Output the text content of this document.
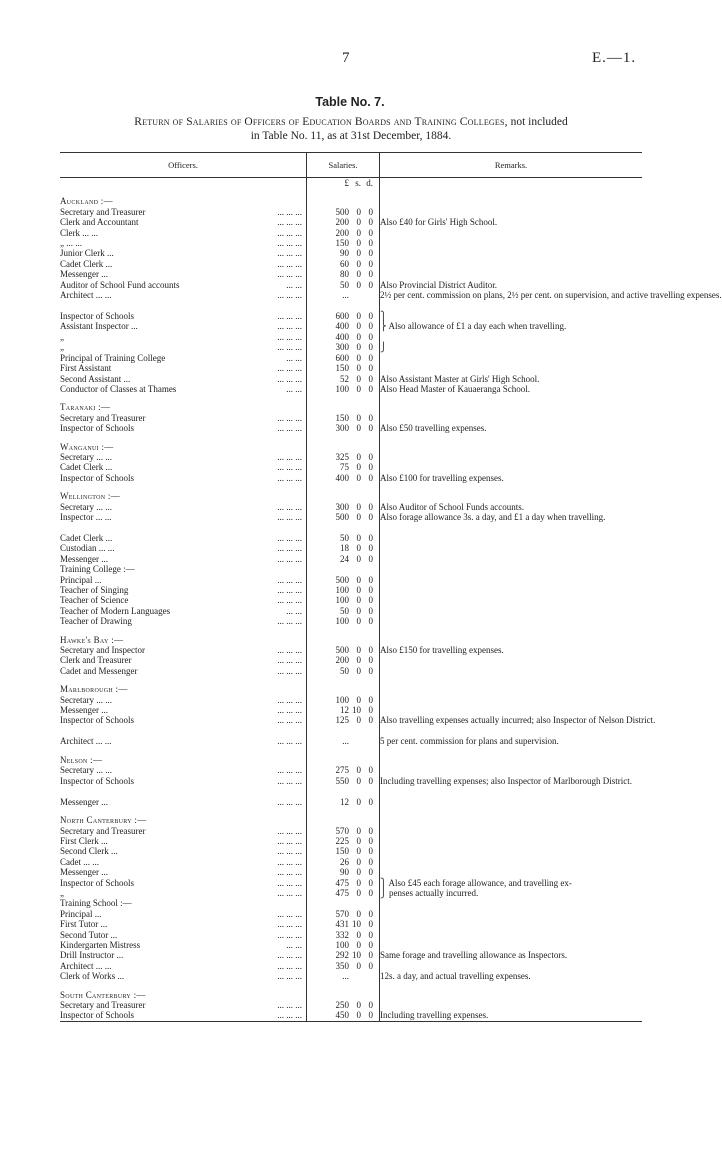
7	E.—1.
Table No. 7.
Return of Salaries of Officers of Education Boards and Training Colleges, not included
in Table No. 11, as at 31st December, 1884.
Officers.	Salaries.	Remarks.

	£ s. d.	

Auckland :—		
Secretary and Treasurer ... ... ...	500 0 0	

Clerk and Accountant ... ... ...	200 0 0	Also £40 for Girls' High School.
Clerk ... ... ... ... ...	200 0 0	

„ ... ... ... ... ...	150 0 0	

Junior Clerk ... ... ... ...	90 0 0	

Cadet Clerk ... ... ... ...	60 0 0	

Messenger ... ... ... ...	80 0 0	

Auditor of School Fund accounts ... ...	50 0 0	Also Provincial District Auditor.
Architect ... ... ... ... ...	...	2½ per cent. commission on plans, 2½ per cent. on supervision, and active travelling expenses.
Inspector of Schools ... ... ...	600 0 0	⎫
Assistant Inspector ... ... ... ...	400 0 0	⎬ Also allowance of £1 a day each when travelling.
„ ... ... ...	400 0 0	

„ ... ... ...	300 0 0	⎭
Principal of Training College ... ...	600 0 0	

First Assistant ... ... ...	150 0 0	

Second Assistant ... ... ... ...	52 0 0	Also Assistant Master at Girls' High School.
Conductor of Classes at Thames ... ...	100 0 0	Also Head Master of Kauaeranga School.

Taranaki :—		
Secretary and Treasurer ... ... ...	150 0 0	

Inspector of Schools ... ... ...	300 0 0	Also £50 travelling expenses.

Wanganui :—		
Secretary ... ... ... ... ...	325 0 0	

Cadet Clerk ... ... ... ...	75 0 0	

Inspector of Schools ... ... ...	400 0 0	Also £100 for travelling expenses.

Wellington :—		
Secretary ... ... ... ... ...	300 0 0	Also Auditor of School Funds accounts.
Inspector ... ... ... ... ...	500 0 0	Also forage allowance 3s. a day, and £1 a day when travelling.
Cadet Clerk ... ... ... ...	50 0 0	

Custodian ... ... ... ... ...	18 0 0	

Messenger ... ... ... ...	24 0 0	

Training College :—		
Principal ... ... ... ...	500 0 0	

Teacher of Singing ... ... ...	100 0 0	

Teacher of Science ... ... ...	100 0 0	

Teacher of Modern Languages ... ...	50 0 0	

Teacher of Drawing ... ... ...	100 0 0	

Hawke's Bay :—		
Secretary and Inspector ... ... ...	500 0 0	Also £150 for travelling expenses.
Clerk and Treasurer ... ... ...	200 0 0	

Cadet and Messenger ... ... ...	50 0 0	

Marlborough :—		
Secretary ... ... ... ... ...	100 0 0	

Messenger ... ... ... ...	12 10 0	

Inspector of Schools ... ... ...	125 0 0	Also travelling expenses actually incurred; also Inspector of Nelson District.
Architect ... ... ... ... ...	...	5 per cent. commission for plans and supervision.

Nelson :—		
Secretary ... ... ... ... ...	275 0 0	

Inspector of Schools ... ... ...	550 0 0	Including travelling expenses; also Inspector of Marlborough District.
Messenger ... ... ... ...	12 0 0	

North Canterbury :—		
Secretary and Treasurer ... ... ...	570 0 0	

First Clerk ... ... ... ...	225 0 0	

Second Clerk ... ... ... ...	150 0 0	

Cadet ... ... ... ... ...	26 0 0	

Messenger ... ... ... ...	90 0 0	

Inspector of Schools ... ... ...	475 0 0	⎫ Also £45 each forage allowance, and travelling ex-
„ ... ... ...	475 0 0	⎭ penses actually incurred.
Training School :—		
Principal ... ... ... ...	570 0 0	

First Tutor ... ... ... ...	431 10 0	

Second Tutor ... ... ... ...	332 0 0	

Kindergarten Mistress ... ...	100 0 0	

Drill Instructor ... ... ... ...	292 10 0	Same forage and travelling allowance as Inspectors.
Architect ... ... ... ... ...	350 0 0	

Clerk of Works ... ... ... ...	...	12s. a day, and actual travelling expenses.

South Canterbury :—		
Secretary and Treasurer ... ... ...	250 0 0	

Inspector of Schools ... ... ...	450 0 0	Including travelling expenses.
